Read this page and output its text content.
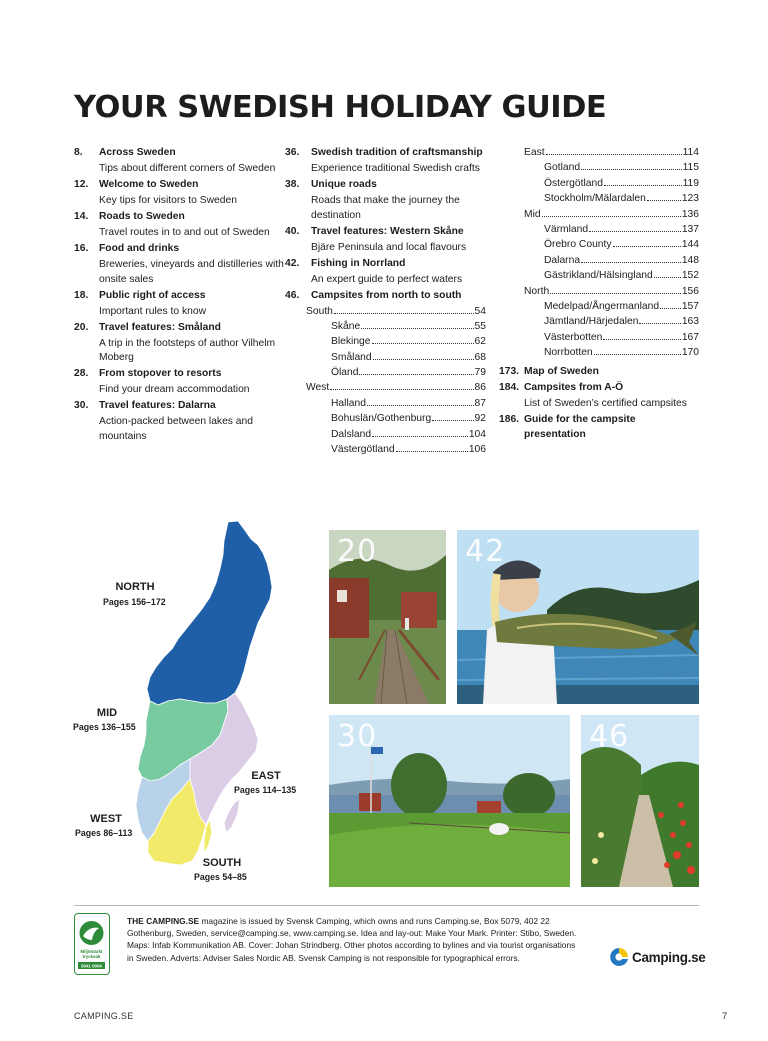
YOUR SWEDISH HOLIDAY GUIDE
8.	Across Sweden
Tips about different corners of Sweden
12.	Welcome to Sweden
Key tips for visitors to Sweden
14.	Roads to Sweden
Travel routes in to and out of Sweden
16.	Food and drinks
Breweries, vineyards and distilleries with onsite sales
18.	Public right of access
Important rules to know
20.	Travel features: Småland
A trip in the footsteps of author Vilhelm Moberg
28.	From stopover to resorts
Find your dream accommodation
30.	Travel features: Dalarna
Action-packed between lakes and mountains
36.	Swedish tradition of craftsmanship
Experience traditional Swedish crafts
38.	Unique roads
Roads that make the journey the destination
40.	Travel features: Western Skåne
Bjäre Peninsula and local flavours
42.	Fishing in Norrland
An expert guide to perfect waters
46.	Campsites from north to south
South	54
Skåne	55
Blekinge	62
Småland	68
Öland	79
West	86
Halland	87
Bohuslän/Gothenburg	92
Dalsland	104
Västergötland	106
East	114
Gotland	115
Östergötland	119
Stockholm/Mälardalen	123
Mid	136
Värmland	137
Örebro County	144
Dalarna	148
Gästrikland/Hälsingland	152
North	156
Medelpad/Ångermanland 157
Jämtland/Härjedalen	163
Västerbotten	167
Norrbotten	170
173. Map of Sweden
184. Campsites from A-Ö
List of Sweden’s certified campsites
186. Guide for the campsite presentation
NORTH
Pages 156–172
MID
Pages 136–155
EAST
Pages 114–135
WEST
Pages 86–113
SOUTH
Pages 54–85
20	42
30	46
Miljömärkt
trycksak
5041 0004
THE CAMPING.SE magazine is issued by Svensk Camping, which owns and runs Camping.se, Box 5079, 402 22 Gothenburg, Sweden, service@camping.se, www.camping.se. Idea and lay-out: Make Your Mark. Printer: Stibo, Sweden. Maps: Infab Kommunikation AB. Cover: Johan Strindberg. Other photos according to bylines and via tourist organisations in Sweden. Adverts: Adviser Sales Nordic AB. Svensk Camping is not responsible for typographical errors.	Camping.se
CAMPING.SE	7
